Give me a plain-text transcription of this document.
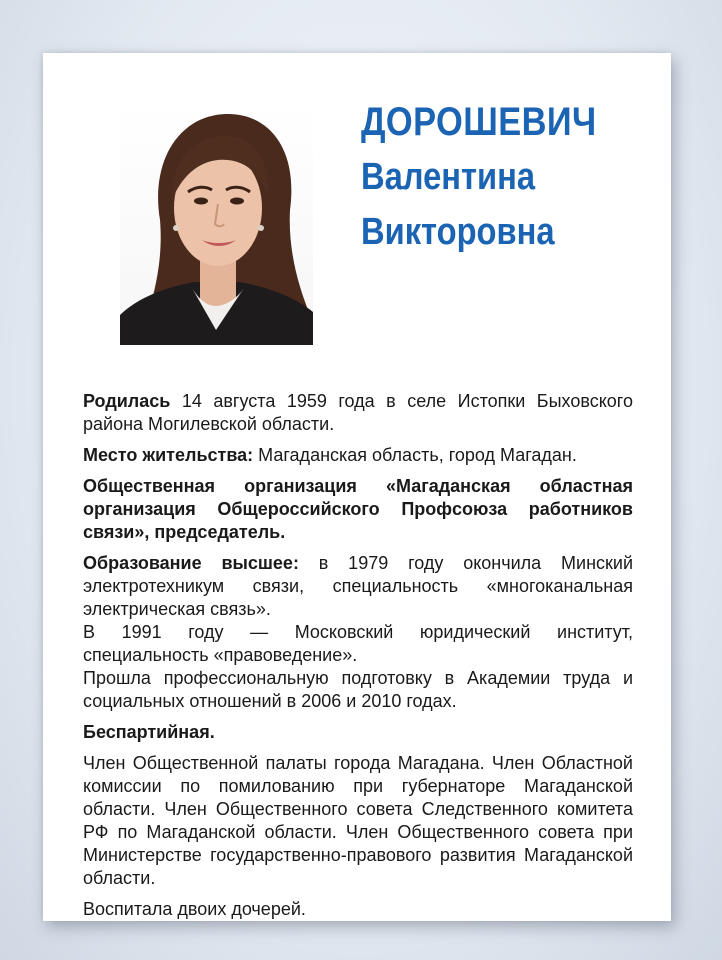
ДОРОШЕВИЧ
Валентина
Викторовна

Родилась 14 августа 1959 года в селе Истопки Быховского района Могилевской области.

Место жительства: Магаданская область, город Магадан.

Общественная организация «Магаданская областная организация Общероссийского Профсоюза работников связи», председатель.

Образование высшее: в 1979 году окончила Минский электротехникум связи, специальность «многоканальная электрическая связь».

В 1991 году — Московский юридический институт, специальность «правоведение».

Прошла профессиональную подготовку в Академии труда и социальных отношений в 2006 и 2010 годах.

Беспартийная.

Член Общественной палаты города Магадана. Член Областной комиссии по помилованию при губернаторе Магаданской области. Член Общественного совета Следственного комитета РФ по Магаданской области. Член Общественного совета при Министерстве государственно-правового развития Магаданской области.

Воспитала двоих дочерей.
